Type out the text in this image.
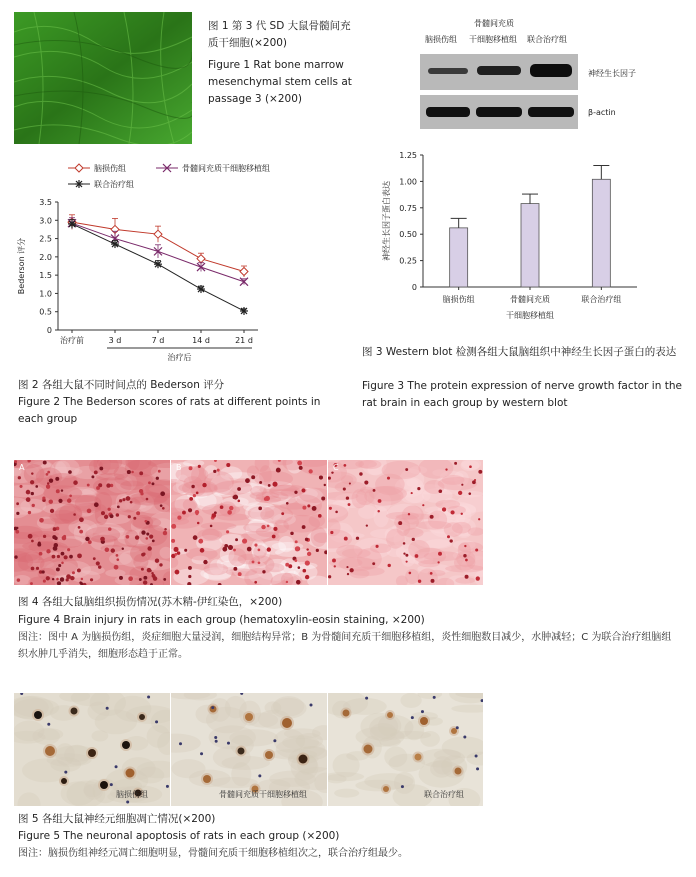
图 1 第 3 代 SD 大鼠骨髓间充质干细胞(×200)
Figure 1 Rat bone marrow mesenchymal stem cells at passage 3 (×200)
骨髓间充质
脑损伤组 干细胞移植组 联合治疗组
神经生长因子
β-actin
脑损伤组	骨髓间充质干细胞移植组
联合治疗组
0
0.5
1.0
1.5
2.0
2.5
3.0
3.5
治疗前	3 d	7 d	14 d	21 d
治疗后
Bederson 评分
图 2 各组大鼠不同时间点的 Bederson 评分
Figure 2 The Bederson scores of rats at different points in each group
0
0.25
0.50
0.75
1.00
1.25
神经生长因子蛋白表达
脑损伤组	骨髓间充质
干细胞移植组
联合治疗组
图 3 Western blot 检测各组大鼠脑组织中神经生长因子蛋白的表达
Figure 3 The protein expression of nerve growth factor in the rat brain in each group by western blot
A	B	C
图 4 各组大鼠脑组织损伤情况(苏木精-伊红染色，×200)
Figure 4 Brain injury in rats in each group (hematoxylin-eosin staining, ×200)
图注：图中 A 为脑损伤组，炎症细胞大量浸润，细胞结构异常；B 为骨髓间充质干细胞移植组，炎性细胞数目减少，水肿减轻；C 为联合治疗组脑组织水肿几乎消失，细胞形态趋于正常。
脑损伤组	骨髓间充质干细胞移植组	联合治疗组
图 5 各组大鼠神经元细胞凋亡情况(×200)
Figure 5 The neuronal apoptosis of rats in each group (×200)
图注：脑损伤组神经元凋亡细胞明显，骨髓间充质干细胞移植组次之，联合治疗组最少。
